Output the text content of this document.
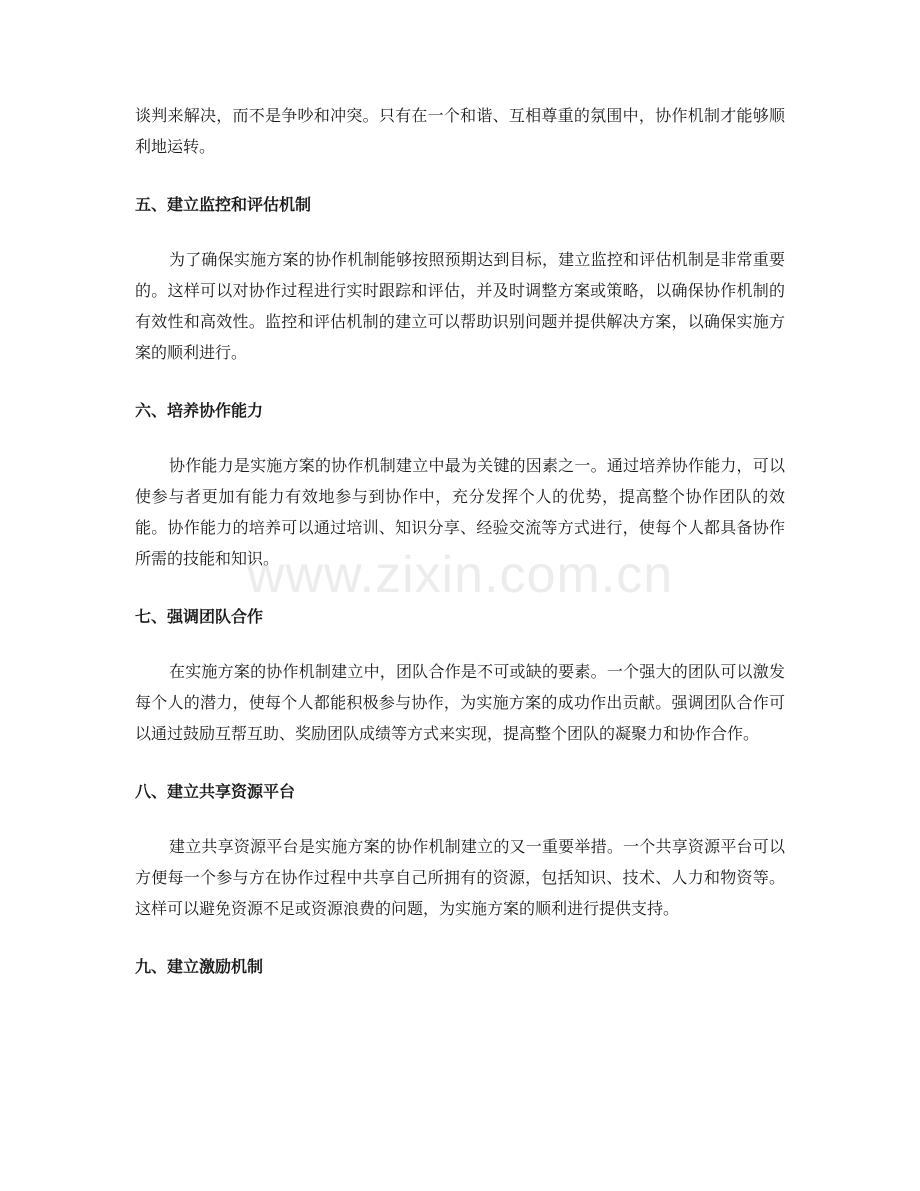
谈判来解决，而不是争吵和冲突。只有在一个和谐、互相尊重的氛围中，协作机制才能够顺利地运转。

五、建立监控和评估机制

为了确保实施方案的协作机制能够按照预期达到目标，建立监控和评估机制是非常重要的。这样可以对协作过程进行实时跟踪和评估，并及时调整方案或策略，以确保协作机制的有效性和高效性。监控和评估机制的建立可以帮助识别问题并提供解决方案，以确保实施方案的顺利进行。

六、培养协作能力

协作能力是实施方案的协作机制建立中最为关键的因素之一。通过培养协作能力，可以使参与者更加有能力有效地参与到协作中，充分发挥个人的优势，提高整个协作团队的效能。协作能力的培养可以通过培训、知识分享、经验交流等方式进行，使每个人都具备协作所需的技能和知识。

七、强调团队合作

在实施方案的协作机制建立中，团队合作是不可或缺的要素。一个强大的团队可以激发每个人的潜力，使每个人都能积极参与协作，为实施方案的成功作出贡献。强调团队合作可以通过鼓励互帮互助、奖励团队成绩等方式来实现，提高整个团队的凝聚力和协作合作。

八、建立共享资源平台

建立共享资源平台是实施方案的协作机制建立的又一重要举措。一个共享资源平台可以方便每一个参与方在协作过程中共享自己所拥有的资源，包括知识、技术、人力和物资等。这样可以避免资源不足或资源浪费的问题，为实施方案的顺利进行提供支持。

九、建立激励机制
www.zixin.com.cn
